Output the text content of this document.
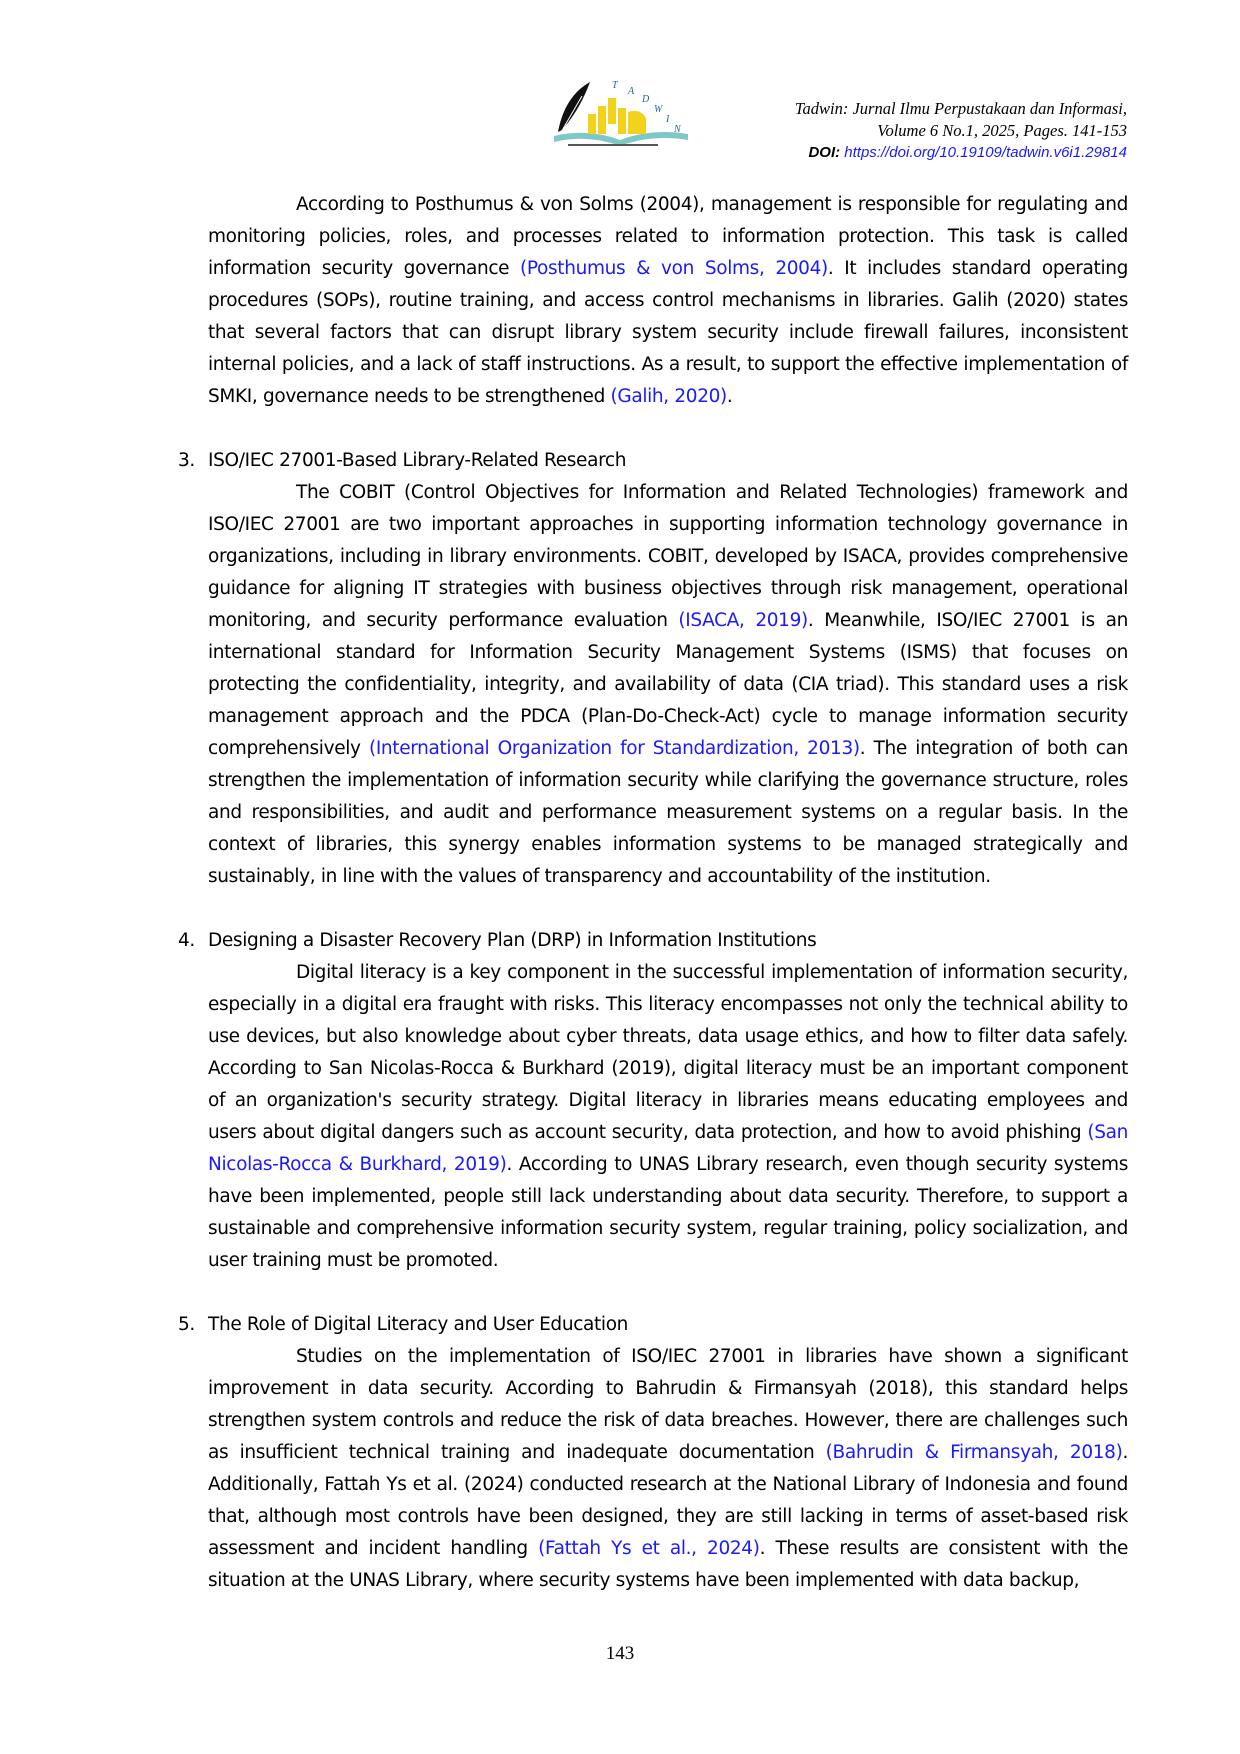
T
A
D
W
I
N
Tadwin: Jurnal Ilmu Perpustakaan dan Informasi,
Volume 6 No.1, 2025, Pages. 141-153
DOI: https://doi.org/10.19109/tadwin.v6i1.29814

According to Posthumus & von Solms (2004), management is responsible for regulating and monitoring policies, roles, and processes related to information protection. This task is called information security governance (Posthumus & von Solms, 2004). It includes standard operating procedures (SOPs), routine training, and access control mechanisms in libraries. Galih (2020) states that several factors that can disrupt library system security include firewall failures, inconsistent internal policies, and a lack of staff instructions. As a result, to support the effective implementation of SMKI, governance needs to be strengthened (Galih, 2020).

3. ISO/IEC 27001-Based Library-Related Research

The COBIT (Control Objectives for Information and Related Technologies) framework and ISO/IEC 27001 are two important approaches in supporting information technology governance in organizations, including in library environments. COBIT, developed by ISACA, provides comprehensive guidance for aligning IT strategies with business objectives through risk management, operational monitoring, and security performance evaluation (ISACA, 2019). Meanwhile, ISO/IEC 27001 is an international standard for Information Security Management Systems (ISMS) that focuses on protecting the confidentiality, integrity, and availability of data (CIA triad). This standard uses a risk management approach and the PDCA (Plan-Do-Check-Act) cycle to manage information security comprehensively (International Organization for Standardization, 2013). The integration of both can strengthen the implementation of information security while clarifying the governance structure, roles and responsibilities, and audit and performance measurement systems on a regular basis. In the context of libraries, this synergy enables information systems to be managed strategically and sustainably, in line with the values of transparency and accountability of the institution.

4. Designing a Disaster Recovery Plan (DRP) in Information Institutions

Digital literacy is a key component in the successful implementation of information security, especially in a digital era fraught with risks. This literacy encompasses not only the technical ability to use devices, but also knowledge about cyber threats, data usage ethics, and how to filter data safely. According to San Nicolas-Rocca & Burkhard (2019), digital literacy must be an important component of an organization's security strategy. Digital literacy in libraries means educating employees and users about digital dangers such as account security, data protection, and how to avoid phishing (San Nicolas-Rocca & Burkhard, 2019). According to UNAS Library research, even though security systems have been implemented, people still lack understanding about data security. Therefore, to support a sustainable and comprehensive information security system, regular training, policy socialization, and user training must be promoted.

5. The Role of Digital Literacy and User Education

Studies on the implementation of ISO/IEC 27001 in libraries have shown a significant improvement in data security. According to Bahrudin & Firmansyah (2018), this standard helps strengthen system controls and reduce the risk of data breaches. However, there are challenges such as insufficient technical training and inadequate documentation (Bahrudin & Firmansyah, 2018). Additionally, Fattah Ys et al. (2024) conducted research at the National Library of Indonesia and found that, although most controls have been designed, they are still lacking in terms of asset-based risk assessment and incident handling (Fattah Ys et al., 2024). These results are consistent with the situation at the UNAS Library, where security systems have been implemented with data backup,

143
